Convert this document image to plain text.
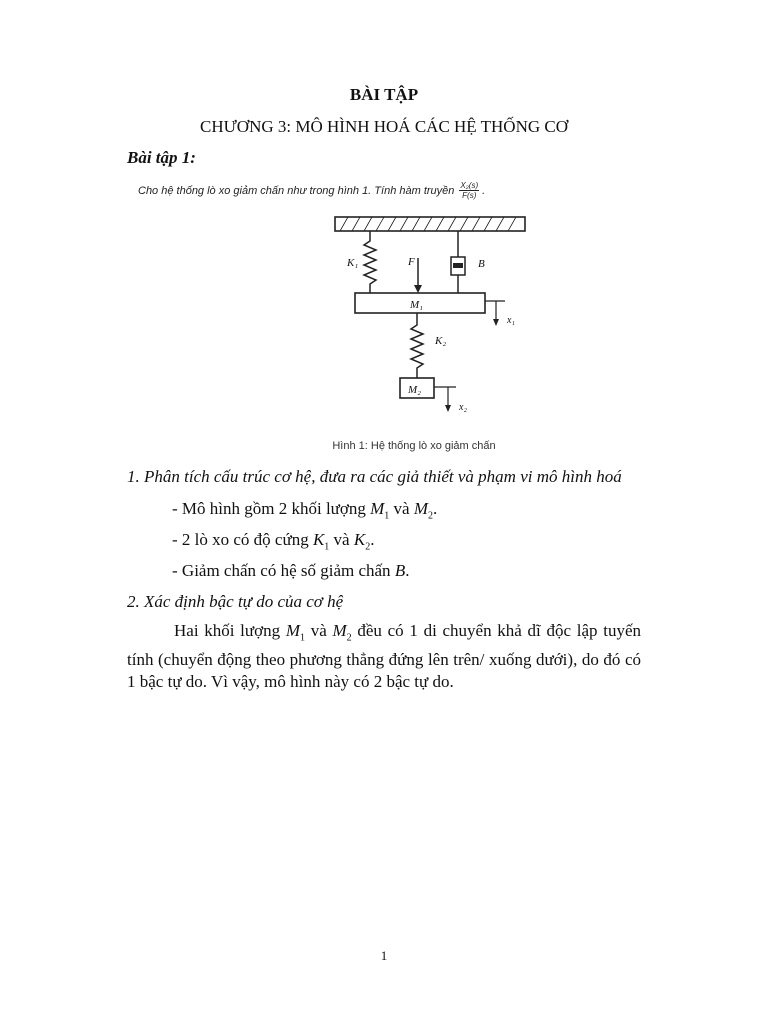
BÀI TẬP
CHƯƠNG 3: MÔ HÌNH HOÁ CÁC HỆ THỐNG CƠ
Bài tập 1:
Cho hệ thống lò xo giảm chấn như trong hình 1. Tính hàm truyền $\frac{\text{X₂(s)}}{F(s)}$ .
K₁	F	B
M₁
x₁
K₂
M₂
x₂
Hình 1: Hệ thống lò xo giảm chấn
1. Phân tích cấu trúc cơ hệ, đưa ra các giả thiết và phạm vi mô hình hoá
- Mô hình gồm 2 khối lượng $M_1$ và $M_2$.
- 2 lò xo có độ cứng $K_1$ và $K_2$.
- Giảm chấn có hệ số giảm chấn B.
2. Xác định bậc tự do của cơ hệ
Hai khối lượng $M_1$ và $M_2$ đều có 1 di chuyển khả dĩ độc lập tuyến tính (chuyển động theo phương thẳng đứng lên trên/ xuống dưới), do đó có 1 bậc tự do. Vì vậy, mô hình này có 2 bậc tự do.
1
